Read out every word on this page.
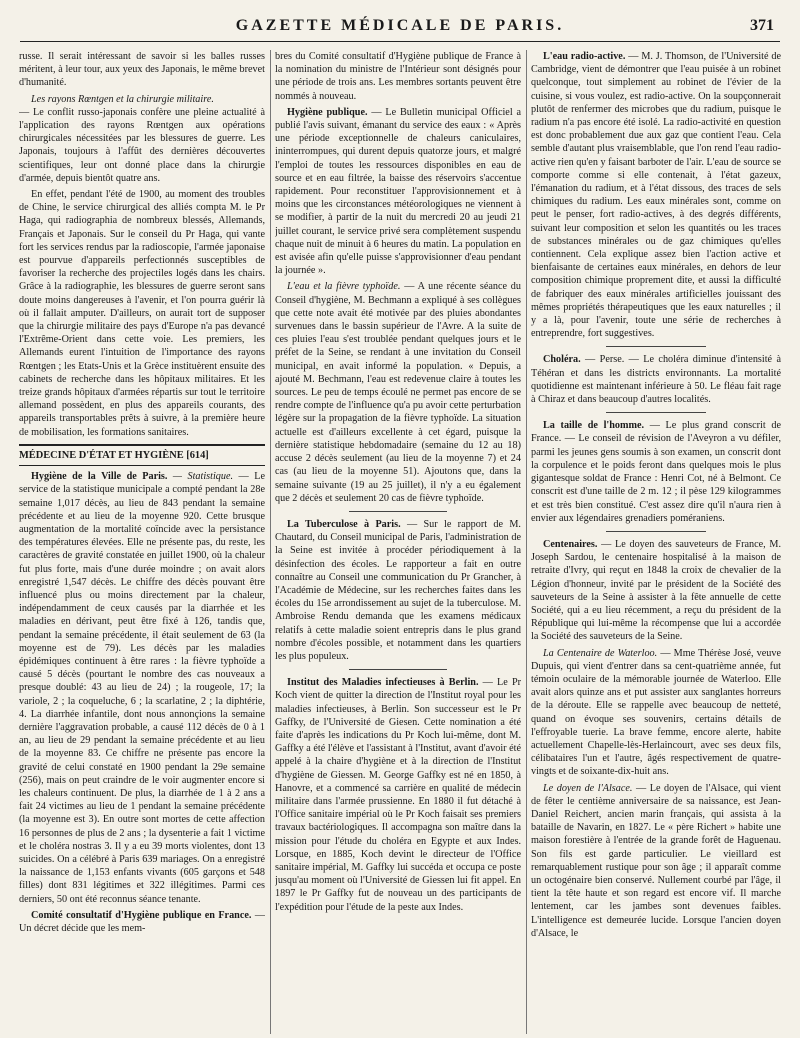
GAZETTE MÉDICALE DE PARIS.	371

russe. Il serait intéressant de savoir si les balles russes méritent, à leur tour, aux yeux des Japonais, le même brevet d'humanité.

Les rayons Rœntgen et la chirurgie militaire.

— Le conflit russo-japonais confère une pleine actualité à l'application des rayons Rœntgen aux opérations chirurgicales nécessitées par les blessures de guerre. Les Japonais, toujours à l'affût des dernières découvertes scientifiques, leur ont donné place dans la chirurgie d'armée, depuis bientôt quatre ans.

En effet, pendant l'été de 1900, au moment des troubles de Chine, le service chirurgical des alliés compta M. le Pr Haga, qui radiographia de nombreux blessés, Allemands, Français et Japonais. Sur le conseil du Pr Haga, qui vante fort les services rendus par la radioscopie, l'armée japonaise est pourvue d'appareils perfectionnés susceptibles de favoriser la recherche des projectiles logés dans les chairs. Grâce à la radiographie, les blessures de guerre seront sans doute moins dangereuses à l'avenir, et l'on pourra guérir là où il fallait amputer. D'ailleurs, on aurait tort de supposer que la chirurgie militaire des pays d'Europe n'a pas devancé l'Extrême-Orient dans cette voie. Les premiers, les Allemands eurent l'intuition de l'importance des rayons Rœntgen ; les Etats-Unis et la Grèce instituèrent ensuite des cabinets de recherche dans les hôpitaux militaires. Et les treize grands hôpitaux d'armées répartis sur tout le territoire allemand possèdent, en plus des appareils courants, des appareils transportables prêts à suivre, à la première heure de mobilisation, les formations sanitaires.

MÉDECINE D'ÉTAT ET HYGIÈNE [614]

Hygiène de la Ville de Paris. — Statistique. — Le service de la statistique municipale a compté pendant la 28e semaine 1,017 décès, au lieu de 843 pendant la semaine précédente et au lieu de la moyenne 920. Cette brusque augmentation de la mortalité coïncide avec la persistance des températures élevées. Elle ne présente pas, du reste, les caractères de gravité constatée en juillet 1900, où la chaleur fut plus forte, mais d'une durée moindre ; on avait alors enregistré 1,547 décès. Le chiffre des décès pouvant être influencé plus ou moins directement par la chaleur, indépendamment de ceux causés par la diarrhée et les maladies en dérivant, peut être fixé à 126, tandis que, pendant la semaine précédente, il était seulement de 63 (la moyenne est de 79). Les décès par les maladies épidémiques continuent à être rares : la fièvre typhoïde a causé 5 décès (pourtant le nombre des cas nouveaux a presque doublé: 43 au lieu de 24) ; la rougeole, 17; la variole, 2 ; la coqueluche, 6 ; la scarlatine, 2 ; la diphtérie, 4. La diarrhée infantile, dont nous annonçions la semaine dernière l'aggravation probable, a causé 112 décès de 0 à 1 an, au lieu de 29 pendant la semaine précédente et au lieu de la moyenne 83. Ce chiffre ne présente pas encore la gravité de celui constaté en 1900 pendant la 29e semaine (256), mais on peut craindre de le voir augmenter encore si les chaleurs continuent. De plus, la diarrhée de 1 à 2 ans a fait 24 victimes au lieu de 1 pendant la semaine précédente (la moyenne est 3). En outre sont mortes de cette affection 16 personnes de plus de 2 ans ; la dysenterie a fait 1 victime et le choléra nostras 3. Il y a eu 39 morts violentes, dont 13 suicides. On a célébré à Paris 639 mariages. On a enregistré la naissance de 1,153 enfants vivants (605 garçons et 548 filles) dont 831 légitimes et 322 illégitimes. Parmi ces derniers, 50 ont été reconnus séance tenante.

Comité consultatif d'Hygiène publique en France. — Un décret décide que les mem-

bres du Comité consultatif d'Hygiène publique de France à la nomination du ministre de l'Intérieur sont désignés pour une période de trois ans. Les membres sortants peuvent être nommés à nouveau.

Hygiène publique. — Le Bulletin municipal Officiel a publié l'avis suivant, émanant du service des eaux : « Après une période exceptionnelle de chaleurs caniculaires, ininterrompues, qui durent depuis quatorze jours, et malgré l'emploi de toutes les ressources disponibles en eau de source et en eau filtrée, la baisse des réservoirs s'accentue rapidement. Pour reconstituer l'approvisionnement et à moins que les circonstances météorologiques ne viennent à se modifier, à partir de la nuit du mercredi 20 au jeudi 21 juillet courant, le service privé sera complètement suspendu chaque nuit de minuit à 6 heures du matin. La population en est avisée afin qu'elle puisse s'approvisionner d'eau pendant la journée ».

L'eau et la fièvre typhoïde. — A une récente séance du Conseil d'hygiène, M. Bechmann a expliqué à ses collègues que cette note avait été motivée par des pluies abondantes survenues dans le bassin supérieur de l'Avre. A la suite de ces pluies l'eau s'est troublée pendant quelques jours et le préfet de la Seine, se rendant à une invitation du Conseil municipal, en avait informé la population. « Depuis, a ajouté M. Bechmann, l'eau est redevenue claire à toutes les sources. Le peu de temps écoulé ne permet pas encore de se rendre compte de l'influence qu'a pu avoir cette perturbation légère sur la propagation de la fièvre typhoïde. La situation actuelle est d'ailleurs excellente à cet égard, puisque la dernière statistique hebdomadaire (semaine du 12 au 18) accuse 2 décès seulement (au lieu de la moyenne 7) et 24 cas (au lieu de la moyenne 51). Ajoutons que, dans la semaine suivante (19 au 25 juillet), il n'y a eu également que 2 décès et seulement 20 cas de fièvre typhoïde.

La Tuberculose à Paris. — Sur le rapport de M. Chautard, du Conseil municipal de Paris, l'administration de la Seine est invitée à procéder périodiquement à la désinfection des écoles. Le rapporteur a fait en outre connaître au Conseil une communication du Pr Grancher, à l'Académie de Médecine, sur les recherches faites dans les écoles du 15e arrondissement au sujet de la tuberculose. M. Ambroise Rendu demanda que les examens médicaux relatifs à cette maladie soient entrepris dans le plus grand nombre d'écoles possible, et notamment dans les quartiers les plus populeux.

Institut des Maladies infectieuses à Berlin. — Le Pr Koch vient de quitter la direction de l'Institut royal pour les maladies infectieuses, à Berlin. Son successeur est le Pr Gaffky, de l'Université de Giesen. Cette nomination a été faite d'après les indications du Pr Koch lui-même, dont M. Gaffky a été l'élève et l'assistant à l'Institut, avant d'avoir été appelé à la chaire d'hygiène et à la direction de l'Institut d'hygiène de Giessen. M. George Gaffky est né en 1850, à Hanovre, et a commencé sa carrière en qualité de médecin militaire dans l'armée prussienne. En 1880 il fut détaché à l'Office sanitaire impérial où le Pr Koch faisait ses premiers travaux bactériologiques. Il accompagna son maître dans la mission pour l'étude du choléra en Egypte et aux Indes. Lorsque, en 1885, Koch devint le directeur de l'Office sanitaire impérial, M. Gaffky lui succéda et occupa ce poste jusqu'au moment où l'Université de Giessen lui fit appel. En 1897 le Pr Gaffky fut de nouveau un des participants de l'expédition pour l'étude de la peste aux Indes.

L'eau radio-active. — M. J. Thomson, de l'Université de Cambridge, vient de démontrer que l'eau puisée à un robinet quelconque, tout simplement au robinet de l'évier de la cuisine, si vous voulez, est radio-active. On la soupçonnerait plutôt de renfermer des microbes que du radium, puisque le radium n'a pas encore été isolé. La radio-activité en question est donc probablement due aux gaz que contient l'eau. Cela semble d'autant plus vraisemblable, que l'on rend l'eau radio-active rien qu'en y faisant barboter de l'air. L'eau de source se comporte comme si elle contenait, à l'état gazeux, l'émanation du radium, et à l'état dissous, des traces de sels chimiques du radium. Les eaux minérales sont, comme on peut le penser, fort radio-actives, à des degrés différents, suivant leur composition et selon les quantités ou les traces de substances minérales ou de gaz chimiques qu'elles contiennent. Cela explique assez bien l'action active et bienfaisante de certaines eaux minérales, en dehors de leur composition chimique proprement dite, et aussi la difficulté de fabriquer des eaux minérales artificielles jouissant des mêmes propriétés thérapeutiques que les eaux naturelles ; il y a là, pour l'avenir, toute une série de recherches à entreprendre, fort suggestives.

Choléra. — Perse. — Le choléra diminue d'intensité à Téhéran et dans les districts environnants. La mortalité quotidienne est maintenant inférieure à 50. Le fléau fait rage à Chiraz et dans beaucoup d'autres localités.

La taille de l'homme. — Le plus grand conscrit de France. — Le conseil de révision de l'Aveyron a vu défiler, parmi les jeunes gens soumis à son examen, un conscrit dont la corpulence et le poids feront dans quelques mois le plus gigantesque soldat de France : Henri Cot, né à Belmont. Ce conscrit est d'une taille de 2 m. 12 ; il pèse 129 kilogrammes et est très bien constitué. C'est assez dire qu'il n'aura rien à envier aux légendaires grenadiers poméraniens.

Centenaires. — Le doyen des sauveteurs de France, M. Joseph Sardou, le centenaire hospitalisé à la maison de retraite d'Ivry, qui reçut en 1848 la croix de chevalier de la Légion d'honneur, invité par le président de la Société des sauveteurs de la Seine à assister à la fête annuelle de cette Société, qui a eu lieu récemment, a reçu du président de la République qui lui-même la récompense que lui a accordée la Société des sauveteurs de la Seine.

La Centenaire de Waterloo. — Mme Thérèse José, veuve Dupuis, qui vient d'entrer dans sa cent-quatrième année, fut témoin oculaire de la mémorable journée de Waterloo. Elle avait alors quinze ans et put assister aux sanglantes horreurs de la déroute. Elle se rappelle avec beaucoup de netteté, quand on évoque ses souvenirs, certains détails de l'effroyable tuerie. La brave femme, encore alerte, habite actuellement Chapelle-lès-Herlaincourt, avec ses deux fils, célibataires l'un et l'autre, âgés respectivement de quatre-vingts et de soixante-dix-huit ans.

Le doyen de l'Alsace. — Le doyen de l'Alsace, qui vient de fêter le centième anniversaire de sa naissance, est Jean-Daniel Reichert, ancien marin français, qui assista à la bataille de Navarin, en 1827. Le « père Richert » habite une maison forestière à l'entrée de la grande forêt de Haguenau. Son fils est garde particulier. Le vieillard est remarquablement rustique pour son âge ; il apparaît comme un octogénaire bien conservé. Nullement courbé par l'âge, il tient la tête haute et son regard est encore vif. Il marche lentement, car les jambes sont devenues faibles. L'intelligence est demeurée lucide. Lorsque l'ancien doyen d'Alsace, le
